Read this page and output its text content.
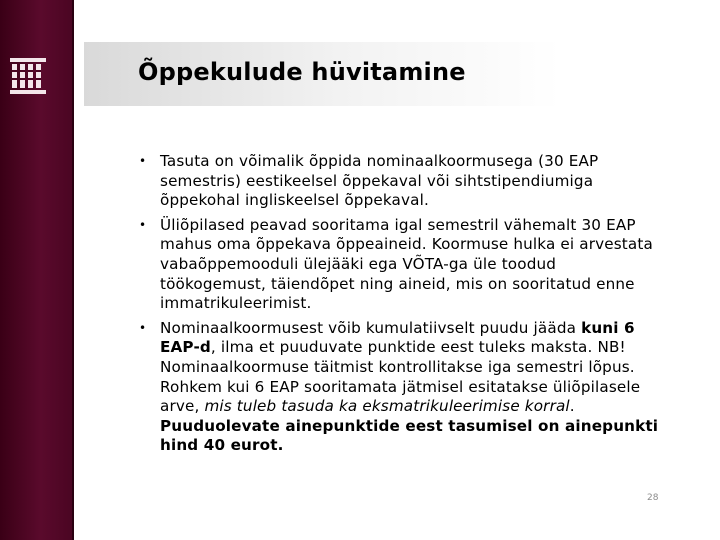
Õppekulude hüvitamine

• Tasuta on võimalik õppida nominaalkoormusega (30 EAP semestris) eestikeelsel õppekaval või sihtstipendiumiga õppekohal ingliskeelsel õppekaval.

• Üliõpilased peavad sooritama igal semestril vähemalt 30 EAP mahus oma õppekava õppeaineid. Koormuse hulka ei arvestata vabaõppemooduli ülejääki ega VÕTA-ga üle toodud töökogemust, täiendõpet ning aineid, mis on sooritatud enne immatrikuleerimist.

• Nominaalkoormusest võib kumulatiivselt puudu jääda kuni 6 EAP-d, ilma et puuduvate punktide eest tuleks maksta. NB! Nominaalkoormuse täitmist kontrollitakse iga semestri lõpus. Rohkem kui 6 EAP sooritamata jätmisel esitatakse üliõpilasele arve, mis tuleb tasuda ka eksmatrikuleerimise korral. Puuduolevate ainepunktide eest tasumisel on ainepunkti hind 40 eurot.

28
